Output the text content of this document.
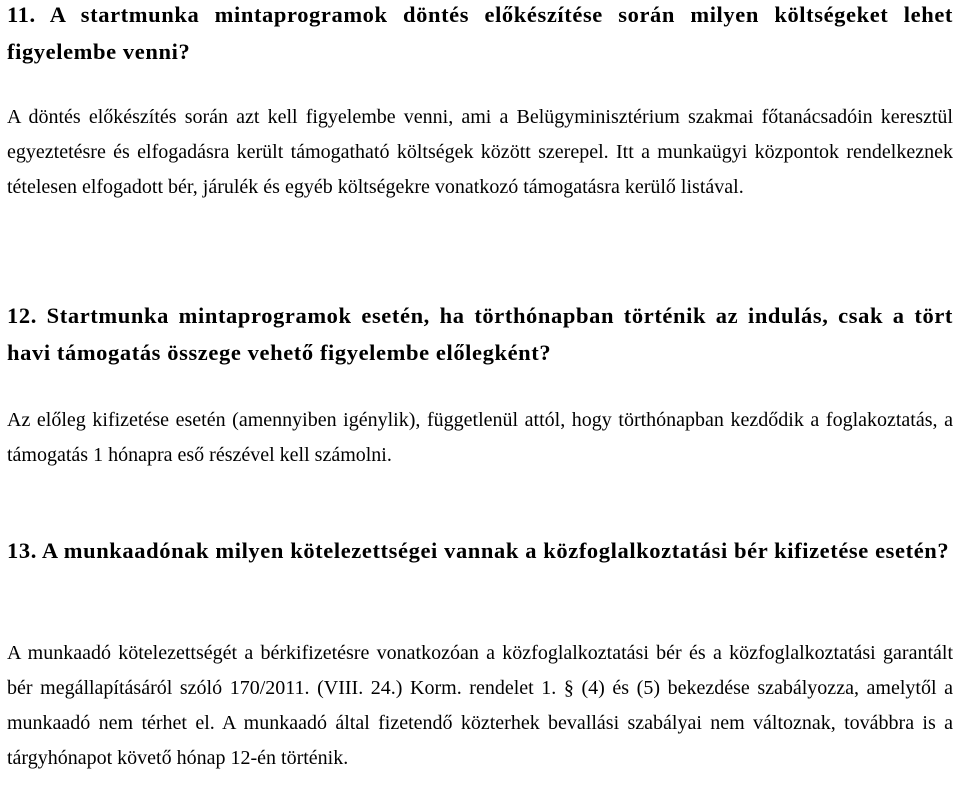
11. A startmunka mintaprogramok döntés előkészítése során milyen költségeket lehet figyelembe venni?

A döntés előkészítés során azt kell figyelembe venni, ami a Belügyminisztérium szakmai főtanácsadóin keresztül egyeztetésre és elfogadásra került támogatható költségek között szerepel. Itt a munkaügyi központok rendelkeznek tételesen elfogadott bér, járulék és egyéb költségekre vonatkozó támogatásra kerülő listával.

12. Startmunka mintaprogramok esetén, ha törthónapban történik az indulás, csak a tört havi támogatás összege vehető figyelembe előlegként?

Az előleg kifizetése esetén (amennyiben igénylik), függetlenül attól, hogy törthónapban kezdődik a foglakoztatás, a támogatás 1 hónapra eső részével kell számolni.

13. A munkaadónak milyen kötelezettségei vannak a közfoglalkoztatási bér kifizetése esetén?

A munkaadó kötelezettségét a bérkifizetésre vonatkozóan a közfoglalkoztatási bér és a közfoglalkoztatási garantált bér megállapításáról szóló 170/2011. (VIII. 24.) Korm. rendelet 1. § (4) és (5) bekezdése szabályozza, amelytől a munkaadó nem térhet el. A munkaadó által fizetendő közterhek bevallási szabályai nem változnak, továbbra is a tárgyhónapot követő hónap 12-én történik.
